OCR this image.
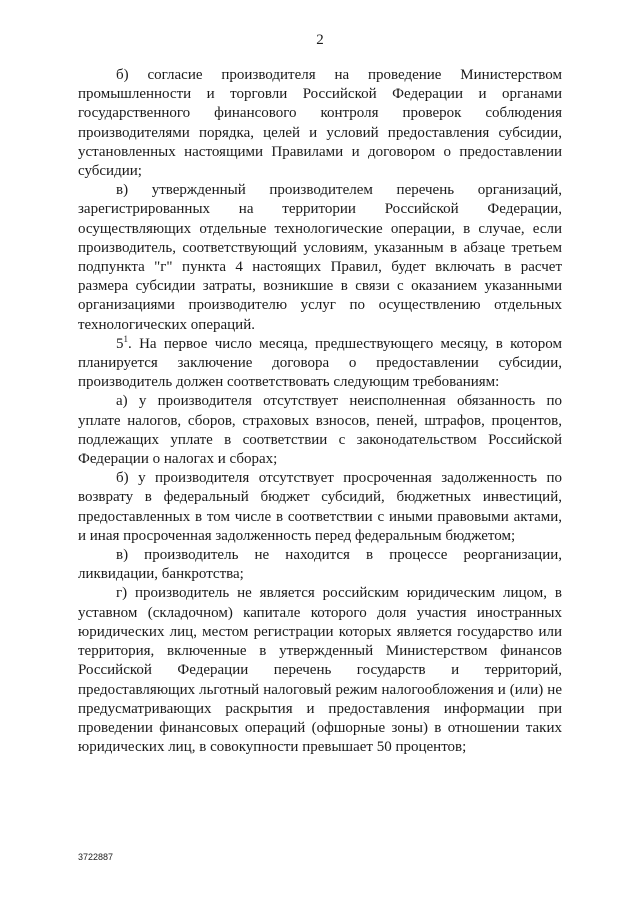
2

б) согласие производителя на проведение Министерством промышленности и торговли Российской Федерации и органами государственного финансового контроля проверок соблюдения производителями порядка, целей и условий предоставления субсидии, установленных настоящими Правилами и договором о предоставлении субсидии;

в) утвержденный производителем перечень организаций, зарегистрированных на территории Российской Федерации, осуществляющих отдельные технологические операции, в случае, если производитель, соответствующий условиям, указанным в абзаце третьем подпункта "г" пункта 4 настоящих Правил, будет включать в расчет размера субсидии затраты, возникшие в связи с оказанием указанными организациями производителю услуг по осуществлению отдельных технологических операций.

$5^1$. На первое число месяца, предшествующего месяцу, в котором планируется заключение договора о предоставлении субсидии, производитель должен соответствовать следующим требованиям:

а) у производителя отсутствует неисполненная обязанность по уплате налогов, сборов, страховых взносов, пеней, штрафов, процентов, подлежащих уплате в соответствии с законодательством Российской Федерации о налогах и сборах;

б) у производителя отсутствует просроченная задолженность по возврату в федеральный бюджет субсидий, бюджетных инвестиций, предоставленных в том числе в соответствии с иными правовыми актами, и иная просроченная задолженность перед федеральным бюджетом;

в) производитель не находится в процессе реорганизации, ликвидации, банкротства;

г) производитель не является российским юридическим лицом, в уставном (складочном) капитале которого доля участия иностранных юридических лиц, местом регистрации которых является государство или территория, включенные в утвержденный Министерством финансов Российской Федерации перечень государств и территорий, предоставляющих льготный налоговый режим налогообложения и (или) не предусматривающих раскрытия и предоставления информации при проведении финансовых операций (офшорные зоны) в отношении таких юридических лиц, в совокупности превышает 50 процентов;

3722887
